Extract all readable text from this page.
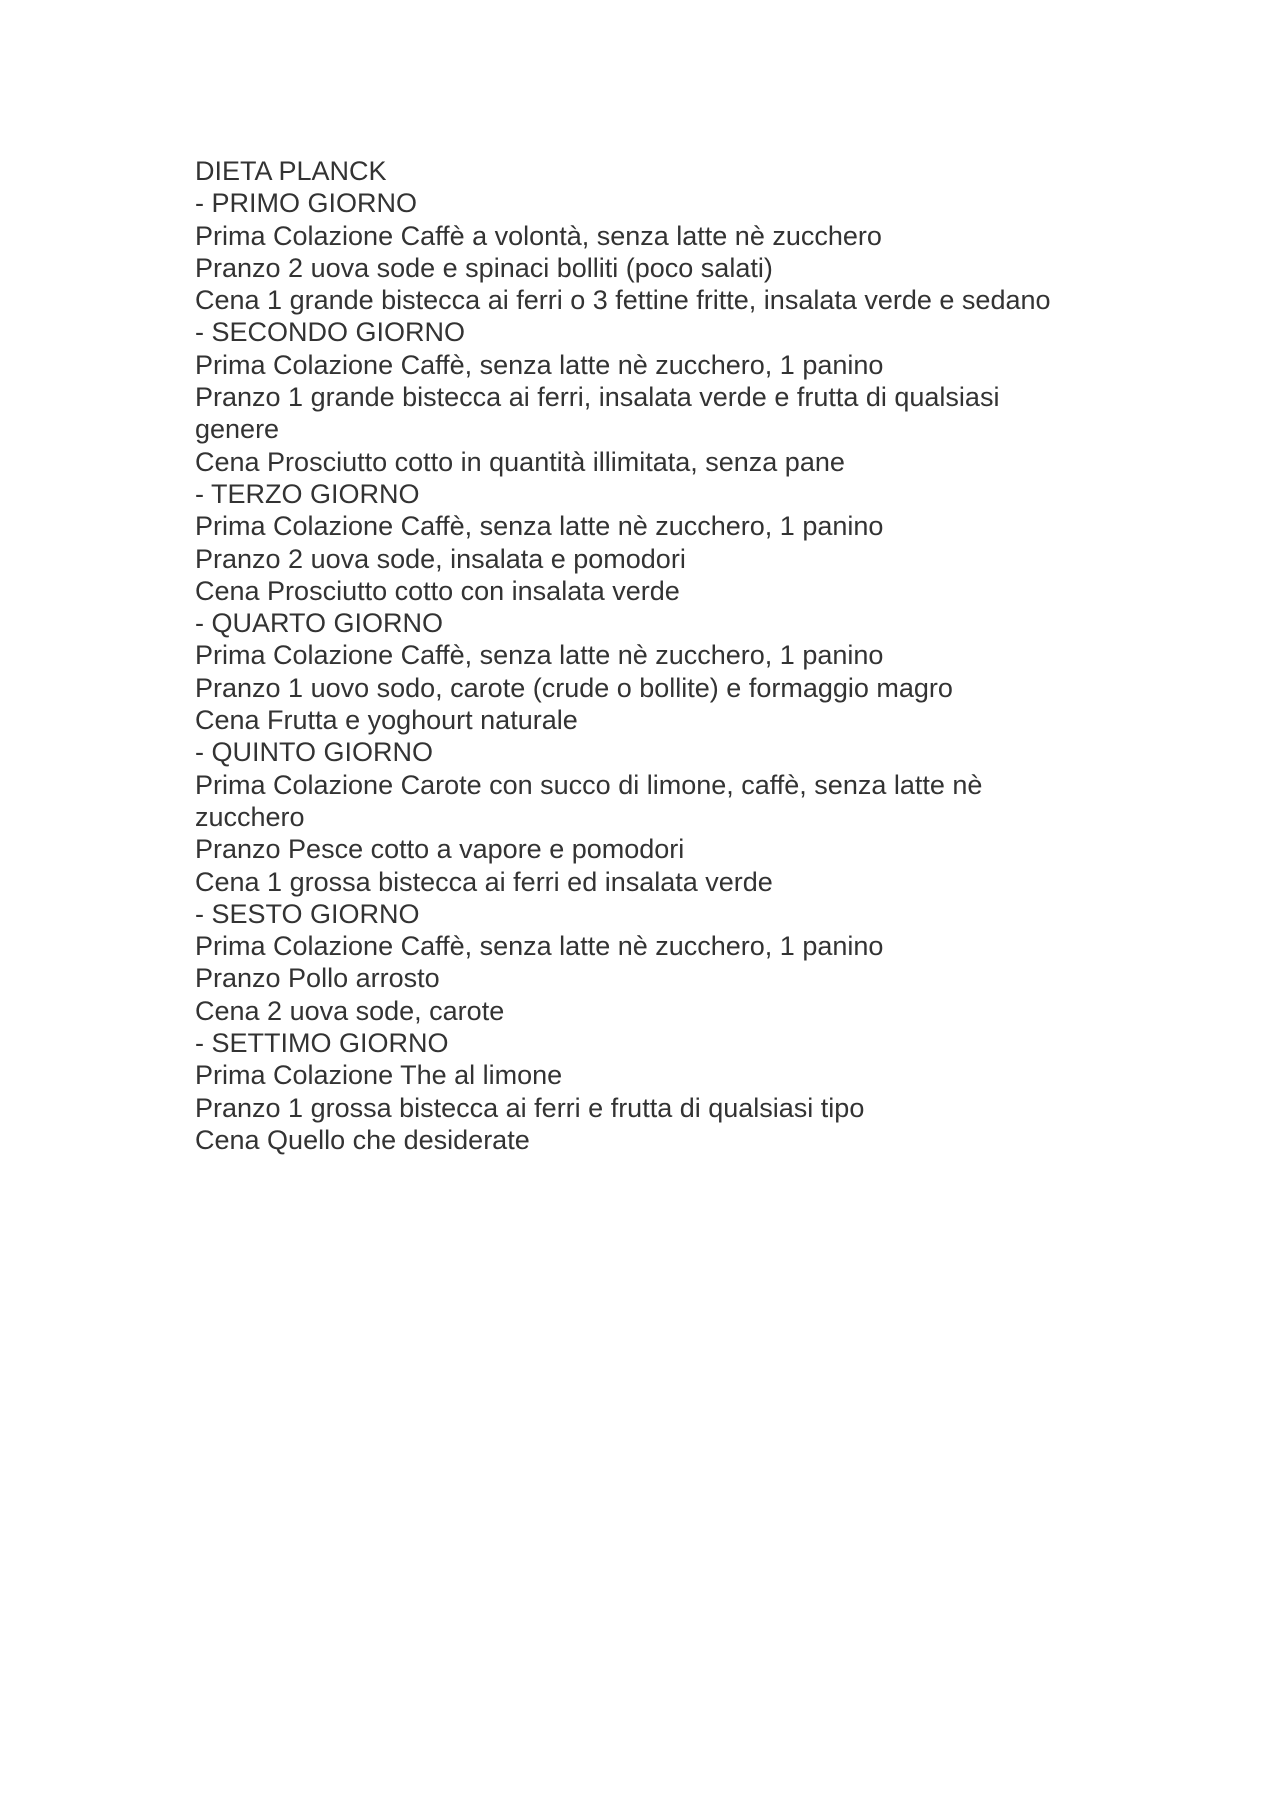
DIETA PLANCK
- PRIMO GIORNO
Prima Colazione Caffè a volontà, senza latte nè zucchero
Pranzo 2 uova sode e spinaci bolliti (poco salati)
Cena 1 grande bistecca ai ferri o 3 fettine fritte, insalata verde e sedano
- SECONDO GIORNO
Prima Colazione Caffè, senza latte nè zucchero, 1 panino
Pranzo 1 grande bistecca ai ferri, insalata verde e frutta di qualsiasi
genere
Cena Prosciutto cotto in quantità illimitata, senza pane
- TERZO GIORNO
Prima Colazione Caffè, senza latte nè zucchero, 1 panino
Pranzo 2 uova sode, insalata e pomodori
Cena Prosciutto cotto con insalata verde
- QUARTO GIORNO
Prima Colazione Caffè, senza latte nè zucchero, 1 panino
Pranzo 1 uovo sodo, carote (crude o bollite) e formaggio magro
Cena Frutta e yoghourt naturale
- QUINTO GIORNO
Prima Colazione Carote con succo di limone, caffè, senza latte nè
zucchero
Pranzo Pesce cotto a vapore e pomodori
Cena 1 grossa bistecca ai ferri ed insalata verde
- SESTO GIORNO
Prima Colazione Caffè, senza latte nè zucchero, 1 panino
Pranzo Pollo arrosto
Cena 2 uova sode, carote
- SETTIMO GIORNO
Prima Colazione The al limone
Pranzo 1 grossa bistecca ai ferri e frutta di qualsiasi tipo
Cena Quello che desiderate
